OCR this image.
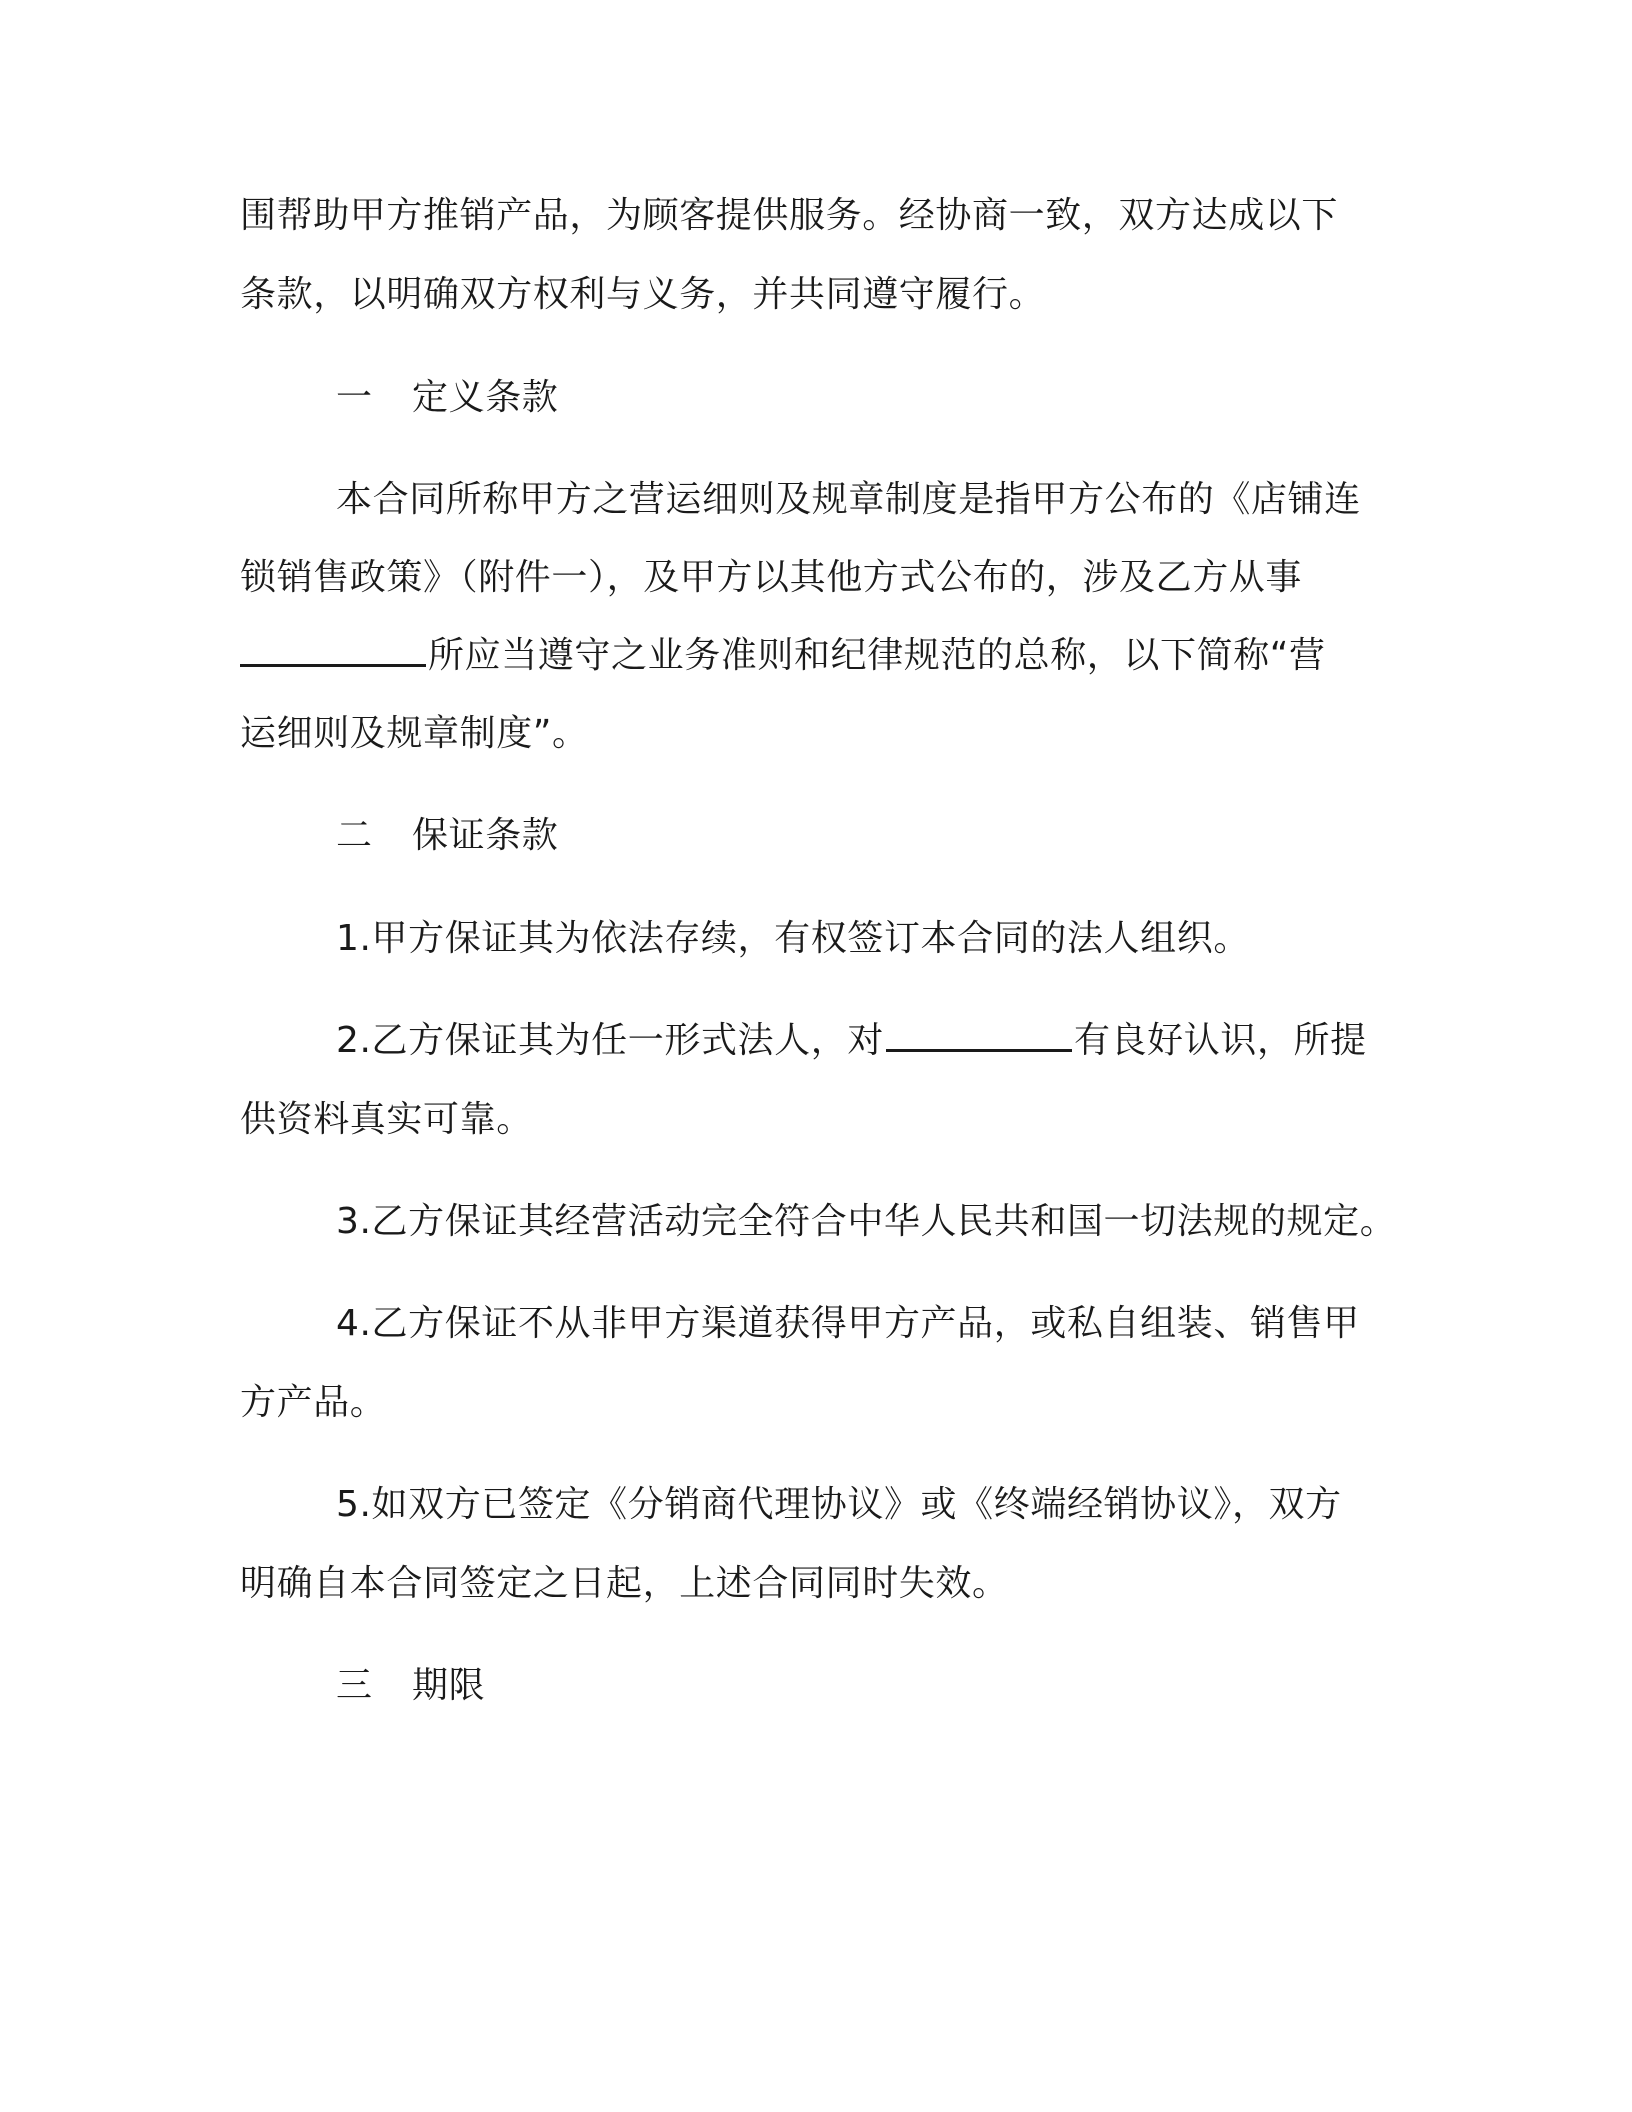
围帮助甲方推销产品，为顾客提供服务。经协商一致，双方达成以下

条款，以明确双方权利与义务，并共同遵守履行。

一 定义条款

本合同所称甲方之营运细则及规章制度是指甲方公布的《店铺连

锁销售政策》（附件一），及甲方以其他方式公布的，涉及乙方从事

所应当遵守之业务准则和纪律规范的总称，以下简称“营

运细则及规章制度”。

二 保证条款

1.甲方保证其为依法存续，有权签订本合同的法人组织。

2.乙方保证其为任一形式法人，对	有良好认识，所提

供资料真实可靠。

3.乙方保证其经营活动完全符合中华人民共和国一切法规的规定。

4.乙方保证不从非甲方渠道获得甲方产品，或私自组装、销售甲

方产品。

5.如双方已签定《分销商代理协议》或《终端经销协议》，双方

明确自本合同签定之日起，上述合同同时失效。

三 期限
